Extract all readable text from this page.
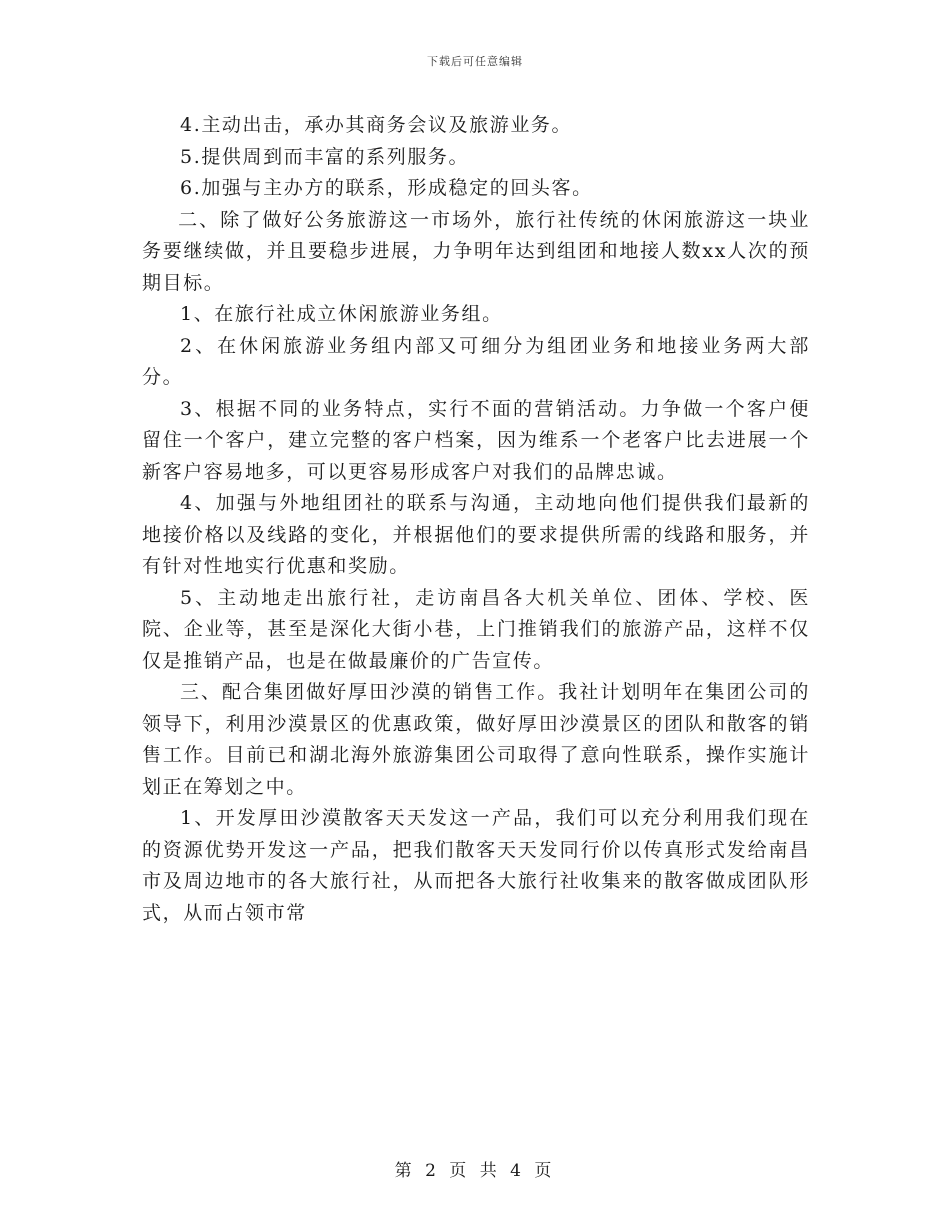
下载后可任意编辑

4.主动出击，承办其商务会议及旅游业务。

5.提供周到而丰富的系列服务。

6.加强与主办方的联系，形成稳定的回头客。

二、除了做好公务旅游这一市场外，旅行社传统的休闲旅游这一块业务要继续做，并且要稳步进展，力争明年达到组团和地接人数xx人次的预期目标。

1、在旅行社成立休闲旅游业务组。

2、在休闲旅游业务组内部又可细分为组团业务和地接业务两大部分。

3、根据不同的业务特点，实行不面的营销活动。力争做一个客户便留住一个客户，建立完整的客户档案，因为维系一个老客户比去进展一个新客户容易地多，可以更容易形成客户对我们的品牌忠诚。

4、加强与外地组团社的联系与沟通，主动地向他们提供我们最新的地接价格以及线路的变化，并根据他们的要求提供所需的线路和服务，并有针对性地实行优惠和奖励。

5、主动地走出旅行社，走访南昌各大机关单位、团体、学校、医院、企业等，甚至是深化大街小巷，上门推销我们的旅游产品，这样不仅仅是推销产品，也是在做最廉价的广告宣传。

三、配合集团做好厚田沙漠的销售工作。我社计划明年在集团公司的领导下，利用沙漠景区的优惠政策，做好厚田沙漠景区的团队和散客的销售工作。目前已和湖北海外旅游集团公司取得了意向性联系，操作实施计划正在筹划之中。

1、开发厚田沙漠散客天天发这一产品，我们可以充分利用我们现在的资源优势开发这一产品，把我们散客天天发同行价以传真形式发给南昌市及周边地市的各大旅行社，从而把各大旅行社收集来的散客做成团队形式，从而占领市常

第 2 页 共 4 页
